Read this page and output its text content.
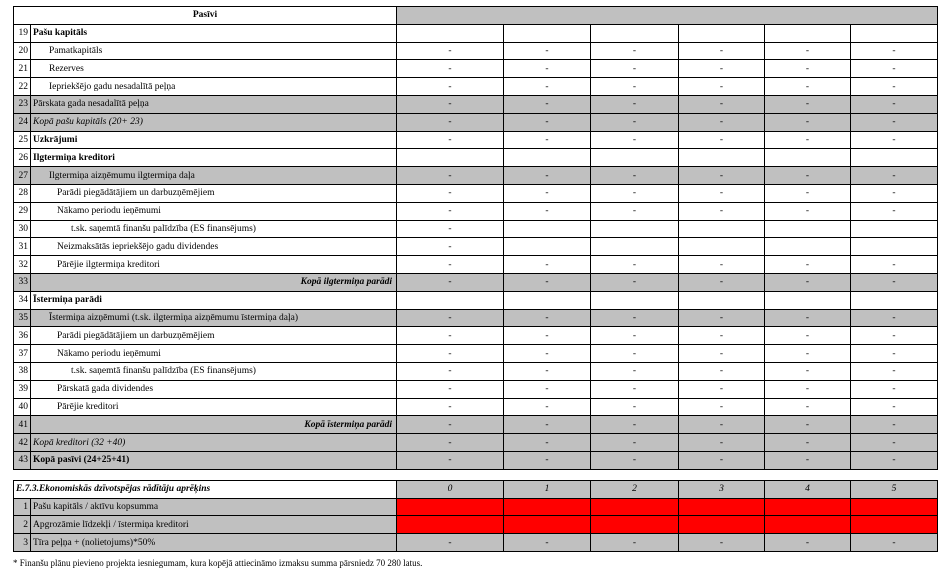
Pasīvi							
19	Pašu kapitāls						
20	Pamatkapitāls	-	-	-	-	-	-
21	Rezerves	-	-	-	-	-	-
22	Iepriekšējo gadu nesadalītā peļņa	-	-	-	-	-	-
23	Pārskata gada nesadalītā peļņa	-	-	-	-	-	-
24	Kopā pašu kapitāls (20+ 23)	-	-	-	-	-	-
25	Uzkrājumi	-	-	-	-	-	-
26	Ilgtermiņa kreditori						
27	Ilgtermiņa aizņēmumu ilgtermiņa daļa	-	-	-	-	-	-
28	Parādi piegādātājiem un darbuzņēmējiem	-	-	-	-	-	-
29	Nākamo periodu ieņēmumi	-	-	-	-	-	-
30	t.sk. saņemtā finanšu palīdzība (ES finansējums)	-					
31	Neizmaksātās iepriekšējo gadu dividendes	-					
32	Pārējie ilgtermiņa kreditori	-	-	-	-	-	-
33	Kopā ilgtermiņa parādi	-	-	-	-	-	-
34	Īstermiņa parādi						
35	Īstermiņa aizņēmumi (t.sk. ilgtermiņa aizņēmumu īstermiņa daļa)	-	-	-	-	-	-
36	Parādi piegādātājiem un darbuzņēmējiem	-	-	-	-	-	-
37	Nākamo periodu ieņēmumi	-	-	-	-	-	-
38	t.sk. saņemtā finanšu palīdzība (ES finansējums)	-	-	-	-	-	-
39	Pārskatā gada dividendes	-	-	-	-	-	-
40	Pārējie kreditori	-	-	-	-	-	-
41	Kopā īstermiņa parādi	-	-	-	-	-	-
42	Kopā kreditori (32 +40)	-	-	-	-	-	-
43	Kopā pasīvi (24+25+41)	-	-	-	-	-	-

E.7.3.Ekonomiskās dzīvotspējas rādītāju aprēķins		0	1	2	3	4	5
1	Pašu kapitāls / aktīvu kopsumma						
2	Apgrozāmie līdzekļi / īstermiņa kreditori						
3	Tīra peļņa + (nolietojums)*50%	-	-	-	-	-	-
* Finanšu plānu pievieno projekta iesniegumam, kura kopējā attiecināmo izmaksu summa pārsniedz 70 280 latus.
